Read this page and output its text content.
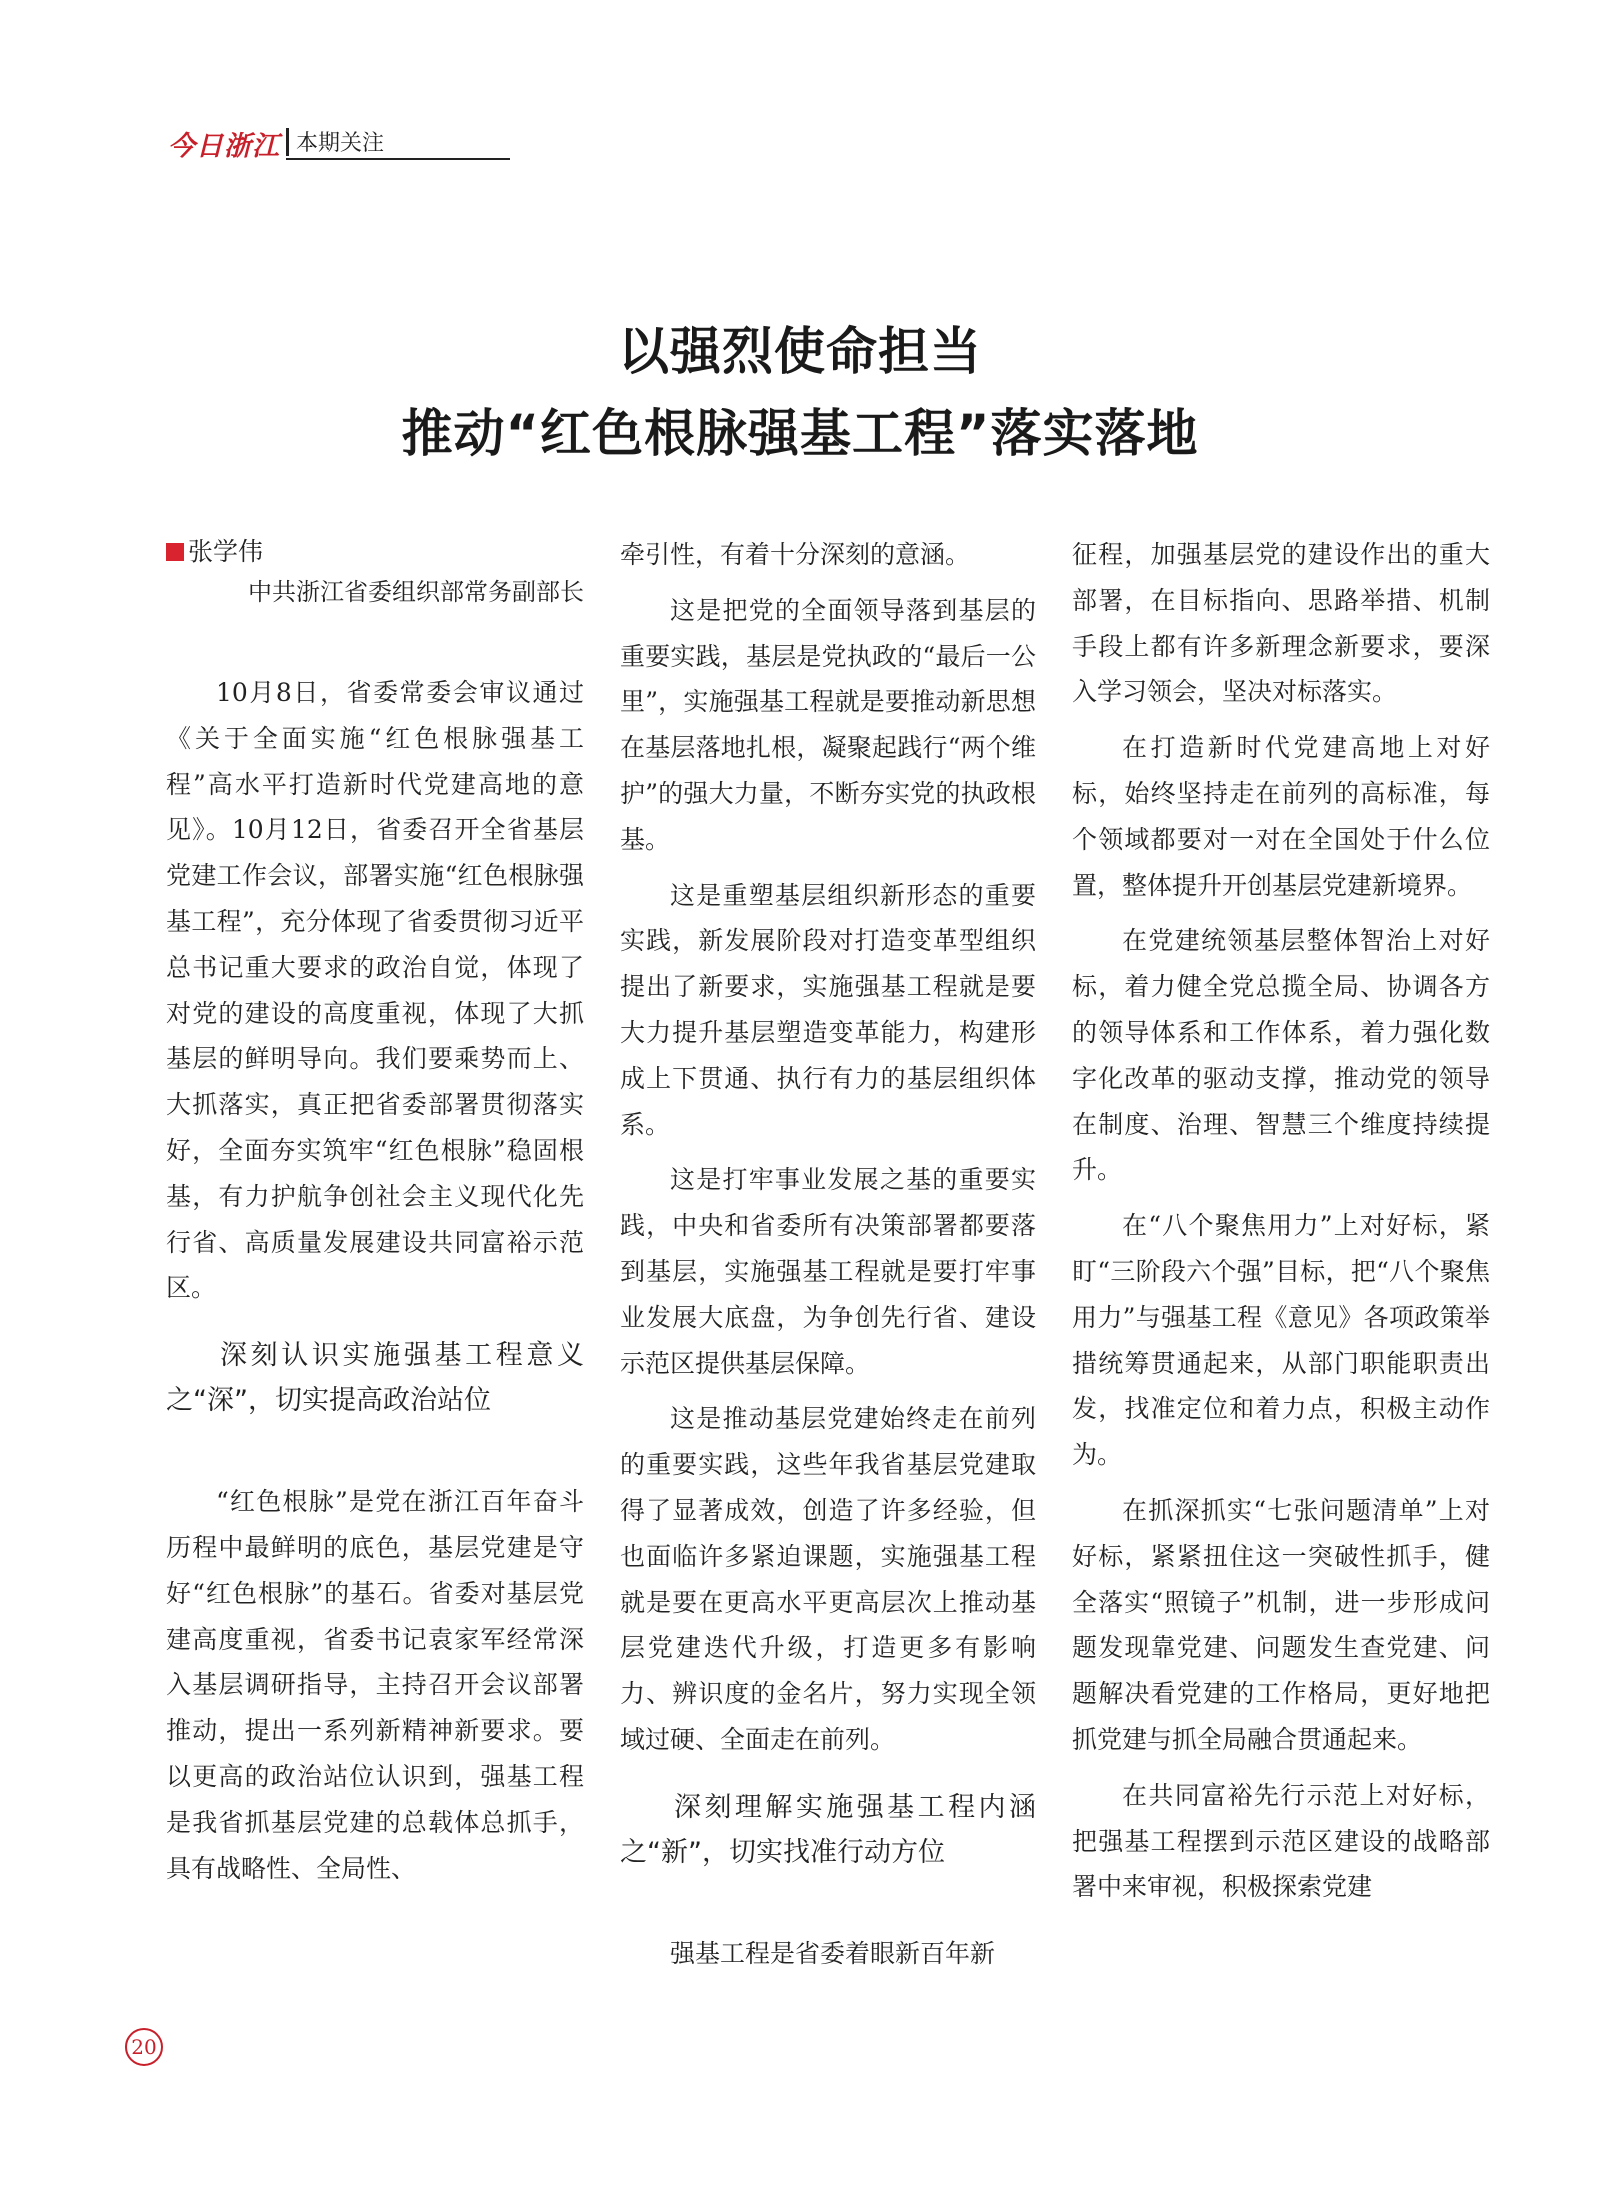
今日浙江 本期关注
以强烈使命担当
推动“红色根脉强基工程”落实落地
张学伟
中共浙江省委组织部常务副部长

10月8日，省委常委会审议通过《关于全面实施“红色根脉强基工程”高水平打造新时代党建高地的意见》。10月12日，省委召开全省基层党建工作会议，部署实施“红色根脉强基工程”，充分体现了省委贯彻习近平总书记重大要求的政治自觉，体现了对党的建设的高度重视，体现了大抓基层的鲜明导向。我们要乘势而上、大抓落实，真正把省委部署贯彻落实好，全面夯实筑牢“红色根脉”稳固根基，有力护航争创社会主义现代化先行省、高质量发展建设共同富裕示范区。

深刻认识实施强基工程意义之“深”，切实提高政治站位

“红色根脉”是党在浙江百年奋斗历程中最鲜明的底色，基层党建是守好“红色根脉”的基石。省委对基层党建高度重视，省委书记袁家军经常深入基层调研指导，主持召开会议部署推动，提出一系列新精神新要求。要以更高的政治站位认识到，强基工程是我省抓基层党建的总载体总抓手，具有战略性、全局性、

牵引性，有着十分深刻的意涵。

这是把党的全面领导落到基层的重要实践，基层是党执政的“最后一公里”，实施强基工程就是要推动新思想在基层落地扎根，凝聚起践行“两个维护”的强大力量，不断夯实党的执政根基。

这是重塑基层组织新形态的重要实践，新发展阶段对打造变革型组织提出了新要求，实施强基工程就是要大力提升基层塑造变革能力，构建形成上下贯通、执行有力的基层组织体系。

这是打牢事业发展之基的重要实践，中央和省委所有决策部署都要落到基层，实施强基工程就是要打牢事业发展大底盘，为争创先行省、建设示范区提供基层保障。

这是推动基层党建始终走在前列的重要实践，这些年我省基层党建取得了显著成效，创造了许多经验，但也面临许多紧迫课题，实施强基工程就是要在更高水平更高层次上推动基层党建迭代升级，打造更多有影响力、辨识度的金名片，努力实现全领域过硬、全面走在前列。

深刻理解实施强基工程内涵之“新”，切实找准行动方位

强基工程是省委着眼新百年新

征程，加强基层党的建设作出的重大部署，在目标指向、思路举措、机制手段上都有许多新理念新要求，要深入学习领会，坚决对标落实。

在打造新时代党建高地上对好标，始终坚持走在前列的高标准，每个领域都要对一对在全国处于什么位置，整体提升开创基层党建新境界。

在党建统领基层整体智治上对好标，着力健全党总揽全局、协调各方的领导体系和工作体系，着力强化数字化改革的驱动支撑，推动党的领导在制度、治理、智慧三个维度持续提升。

在“八个聚焦用力”上对好标，紧盯“三阶段六个强”目标，把“八个聚焦用力”与强基工程《意见》各项政策举措统筹贯通起来，从部门职能职责出发，找准定位和着力点，积极主动作为。

在抓深抓实“七张问题清单”上对好标，紧紧扭住这一突破性抓手，健全落实“照镜子”机制，进一步形成问题发现靠党建、问题发生查党建、问题解决看党建的工作格局，更好地把抓党建与抓全局融合贯通起来。

在共同富裕先行示范上对好标，把强基工程摆到示范区建设的战略部署中来审视，积极探索党建

20
